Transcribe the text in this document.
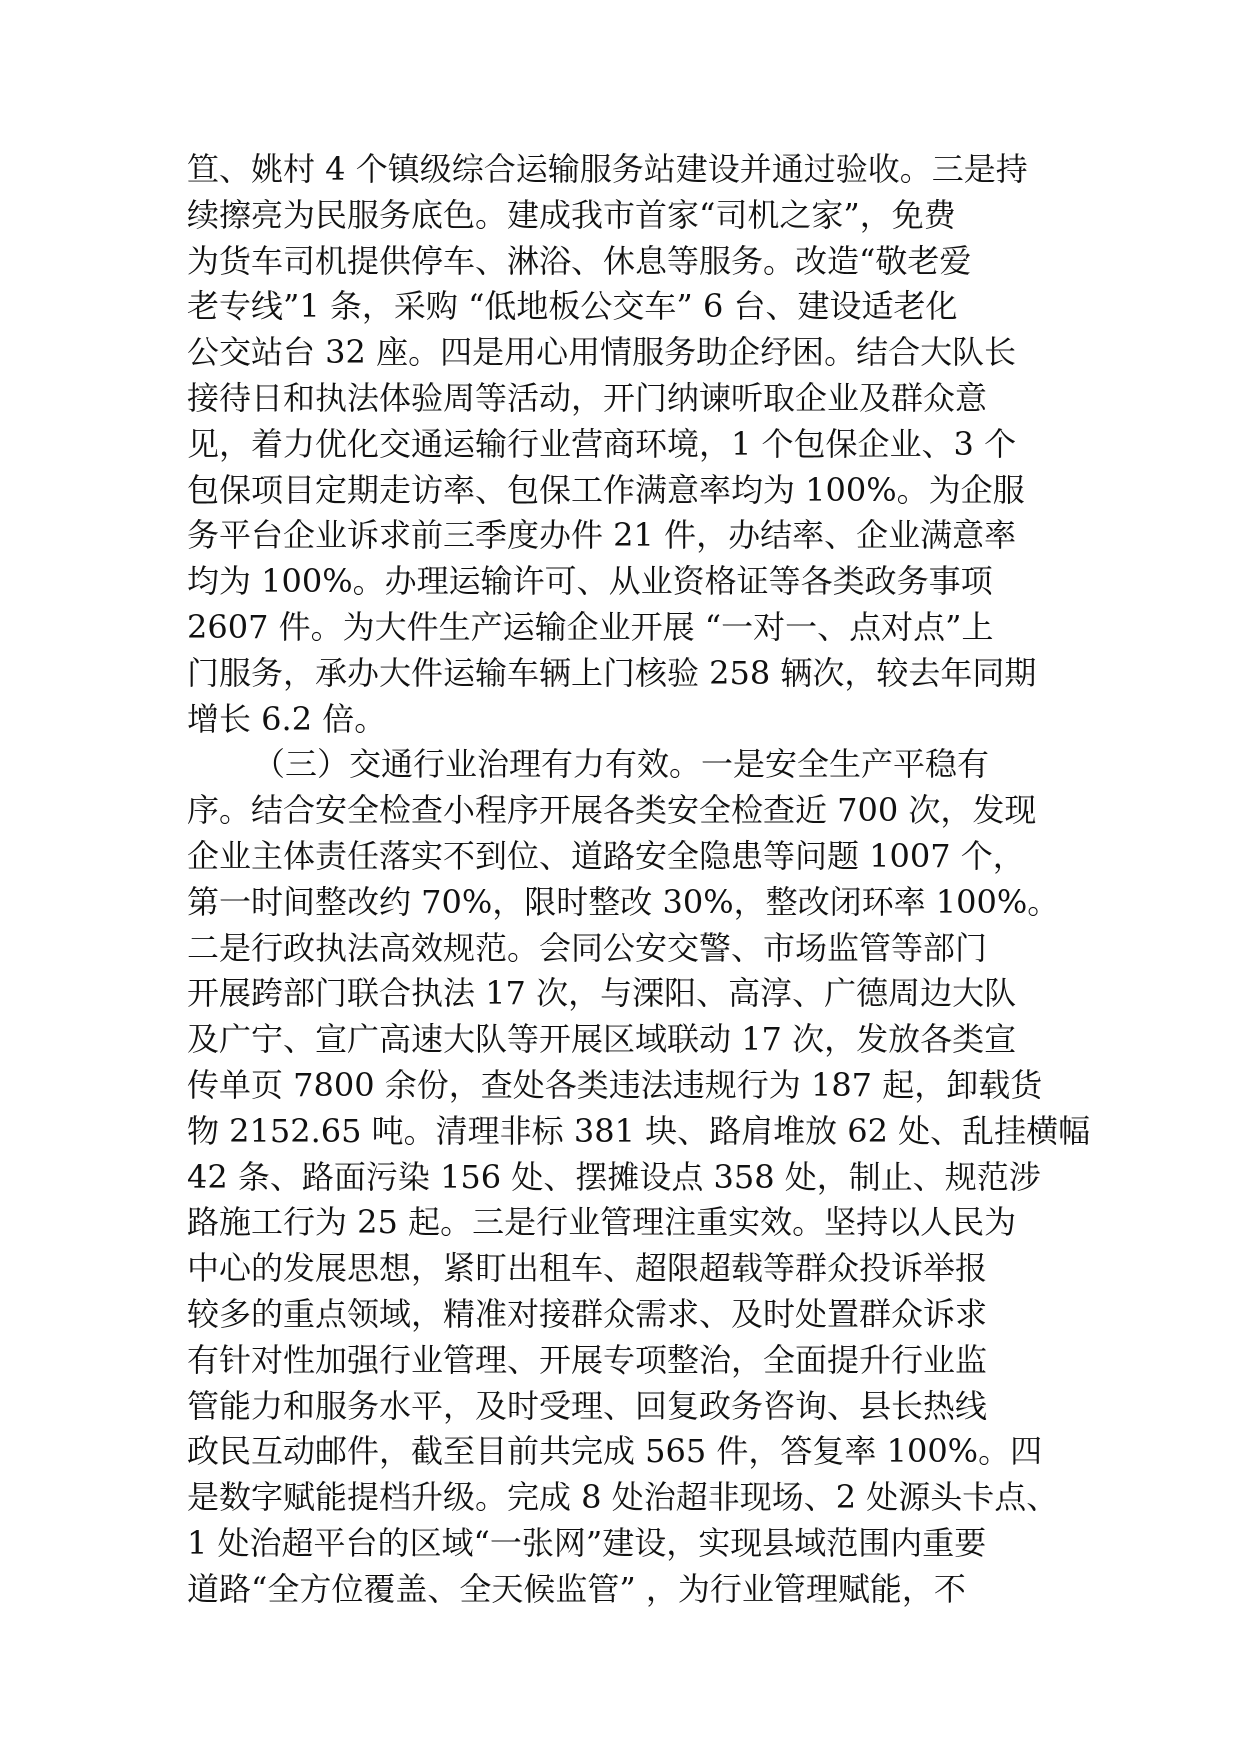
笪、姚村 4 个镇级综合运输服务站建设并通过验收。三是持
续擦亮为民服务底色。建成我市首家“司机之家”，免费
为货车司机提供停车、淋浴、休息等服务。改造“敬老爱
老专线”1 条，采购 “低地板公交车” 6 台、建设适老化
公交站台 32 座。四是用心用情服务助企纾困。结合大队长
接待日和执法体验周等活动，开门纳谏听取企业及群众意
见，着力优化交通运输行业营商环境，1 个包保企业、3 个
包保项目定期走访率、包保工作满意率均为 100%。为企服
务平台企业诉求前三季度办件 21 件，办结率、企业满意率
均为 100%。办理运输许可、从业资格证等各类政务事项
2607 件。为大件生产运输企业开展 “一对一、点对点”上
门服务，承办大件运输车辆上门核验 258 辆次，较去年同期
增长 6.2 倍。
（三）交通行业治理有力有效。一是安全生产平稳有
序。结合安全检查小程序开展各类安全检查近 700 次，发现
企业主体责任落实不到位、道路安全隐患等问题 1007 个，
第一时间整改约 70%，限时整改 30%，整改闭环率 100%。
二是行政执法高效规范。会同公安交警、市场监管等部门
开展跨部门联合执法 17 次，与溧阳、高淳、广德周边大队
及广宁、宣广高速大队等开展区域联动 17 次，发放各类宣
传单页 7800 余份，查处各类违法违规行为 187 起，卸载货
物 2152.65 吨。清理非标 381 块、路肩堆放 62 处、乱挂横幅
42 条、路面污染 156 处、摆摊设点 358 处，制止、规范涉
路施工行为 25 起。三是行业管理注重实效。坚持以人民为
中心的发展思想，紧盯出租车、超限超载等群众投诉举报
较多的重点领域，精准对接群众需求、及时处置群众诉求
有针对性加强行业管理、开展专项整治，全面提升行业监
管能力和服务水平，及时受理、回复政务咨询、县长热线
政民互动邮件，截至目前共完成 565 件，答复率 100%。四
是数字赋能提档升级。完成 8 处治超非现场、2 处源头卡点、
1 处治超平台的区域“一张网”建设，实现县域范围内重要
道路“全方位覆盖、全天候监管” ，为行业管理赋能，不
